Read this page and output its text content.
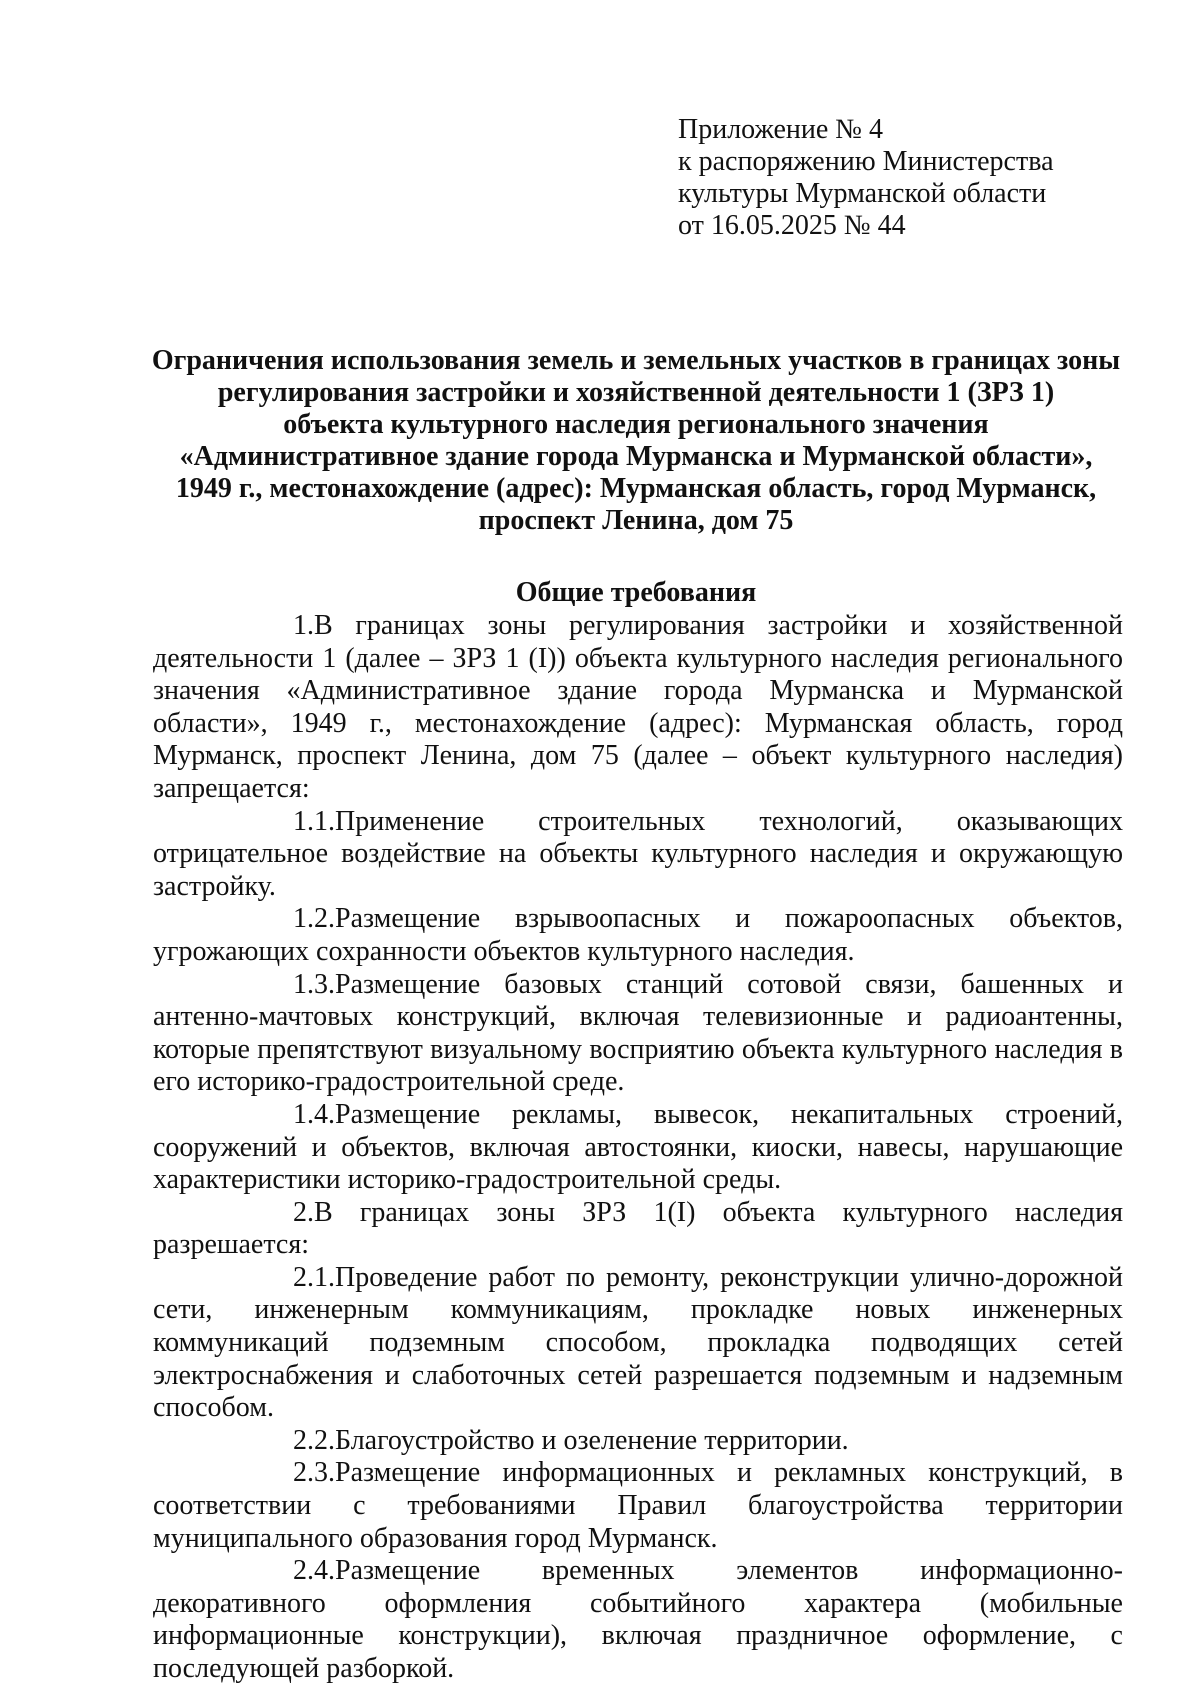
Приложение № 4
к распоряжению Министерства
культуры Мурманской области
от 16.05.2025 № 44
Ограничения использования земель и земельных участков в границах зоны
регулирования застройки и хозяйственной деятельности 1 (ЗРЗ 1)
объекта культурного наследия регионального значения
«Административное здание города Мурманска и Мурманской области»,
1949 г., местонахождение (адрес): Мурманская область, город Мурманск,
проспект Ленина, дом 75
Общие требования

1.В границах зоны регулирования застройки и хозяйственной деятельности 1 (далее – ЗРЗ 1 (I)) объекта культурного наследия регионального значения «Административное здание города Мурманска и Мурманской области», 1949 г., местонахождение (адрес): Мурманская область, город Мурманск, проспект Ленина, дом 75 (далее – объект культурного наследия) запрещается:

1.1.Применение строительных технологий, оказывающих отрицательное воздействие на объекты культурного наследия и окружающую застройку.

1.2.Размещение взрывоопасных и пожароопасных объектов, угрожающих сохранности объектов культурного наследия.

1.3.Размещение базовых станций сотовой связи, башенных и антенно-мачтовых конструкций, включая телевизионные и радиоантенны, которые препятствуют визуальному восприятию объекта культурного наследия в его историко-градостроительной среде.

1.4.Размещение рекламы, вывесок, некапитальных строений, сооружений и объектов, включая автостоянки, киоски, навесы, нарушающие характеристики историко-градостроительной среды.

2.В границах зоны ЗРЗ 1(I) объекта культурного наследия разрешается:

2.1.Проведение работ по ремонту, реконструкции улично-дорожной сети, инженерным коммуникациям, прокладке новых инженерных коммуникаций подземным способом, прокладка подводящих сетей электроснабжения и слаботочных сетей разрешается подземным и надземным способом.

2.2.Благоустройство и озеленение территории.

2.3.Размещение информационных и рекламных конструкций, в соответствии с требованиями Правил благоустройства территории муниципального образования город Мурманск.

2.4.Размещение временных элементов информационно-декоративного оформления событийного характера (мобильные информационные конструкции), включая праздничное оформление, с последующей разборкой.
